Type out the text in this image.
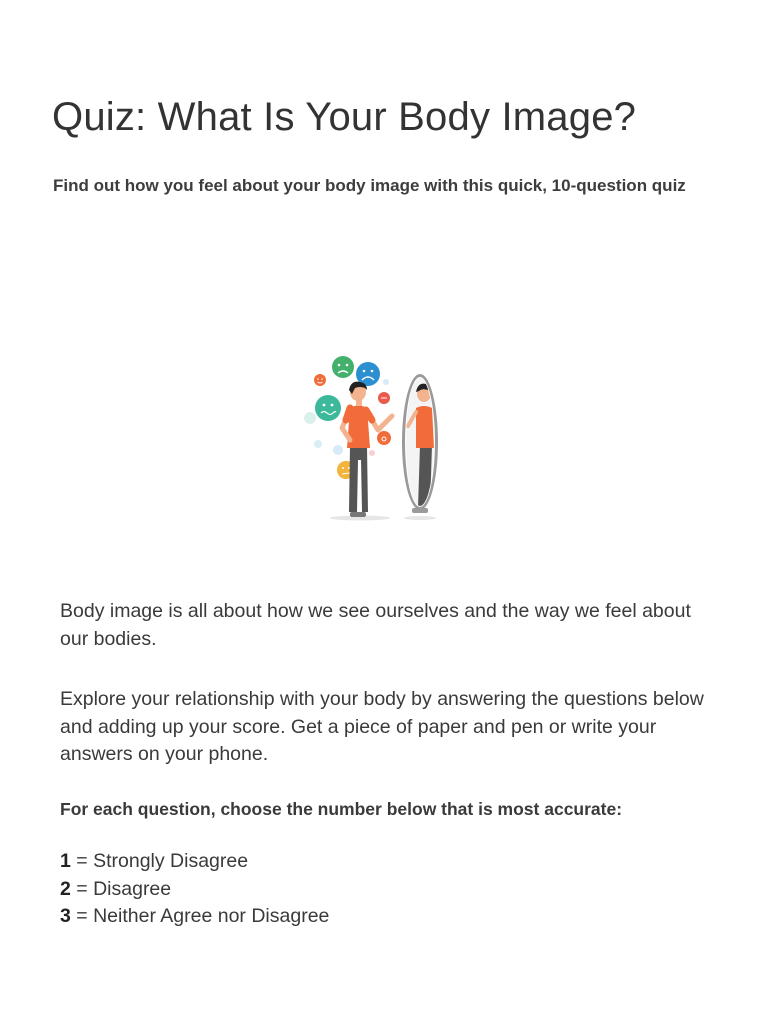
Quiz: What Is Your Body Image?

Find out how you feel about your body image with this quick, 10-question quiz

Body image is all about how we see ourselves and the way we feel about our bodies.

Explore your relationship with your body by answering the questions below and adding up your score. Get a piece of paper and pen or write your answers on your phone.

For each question, choose the number below that is most accurate:

1 = Strongly Disagree
2 = Disagree
3 = Neither Agree nor Disagree
